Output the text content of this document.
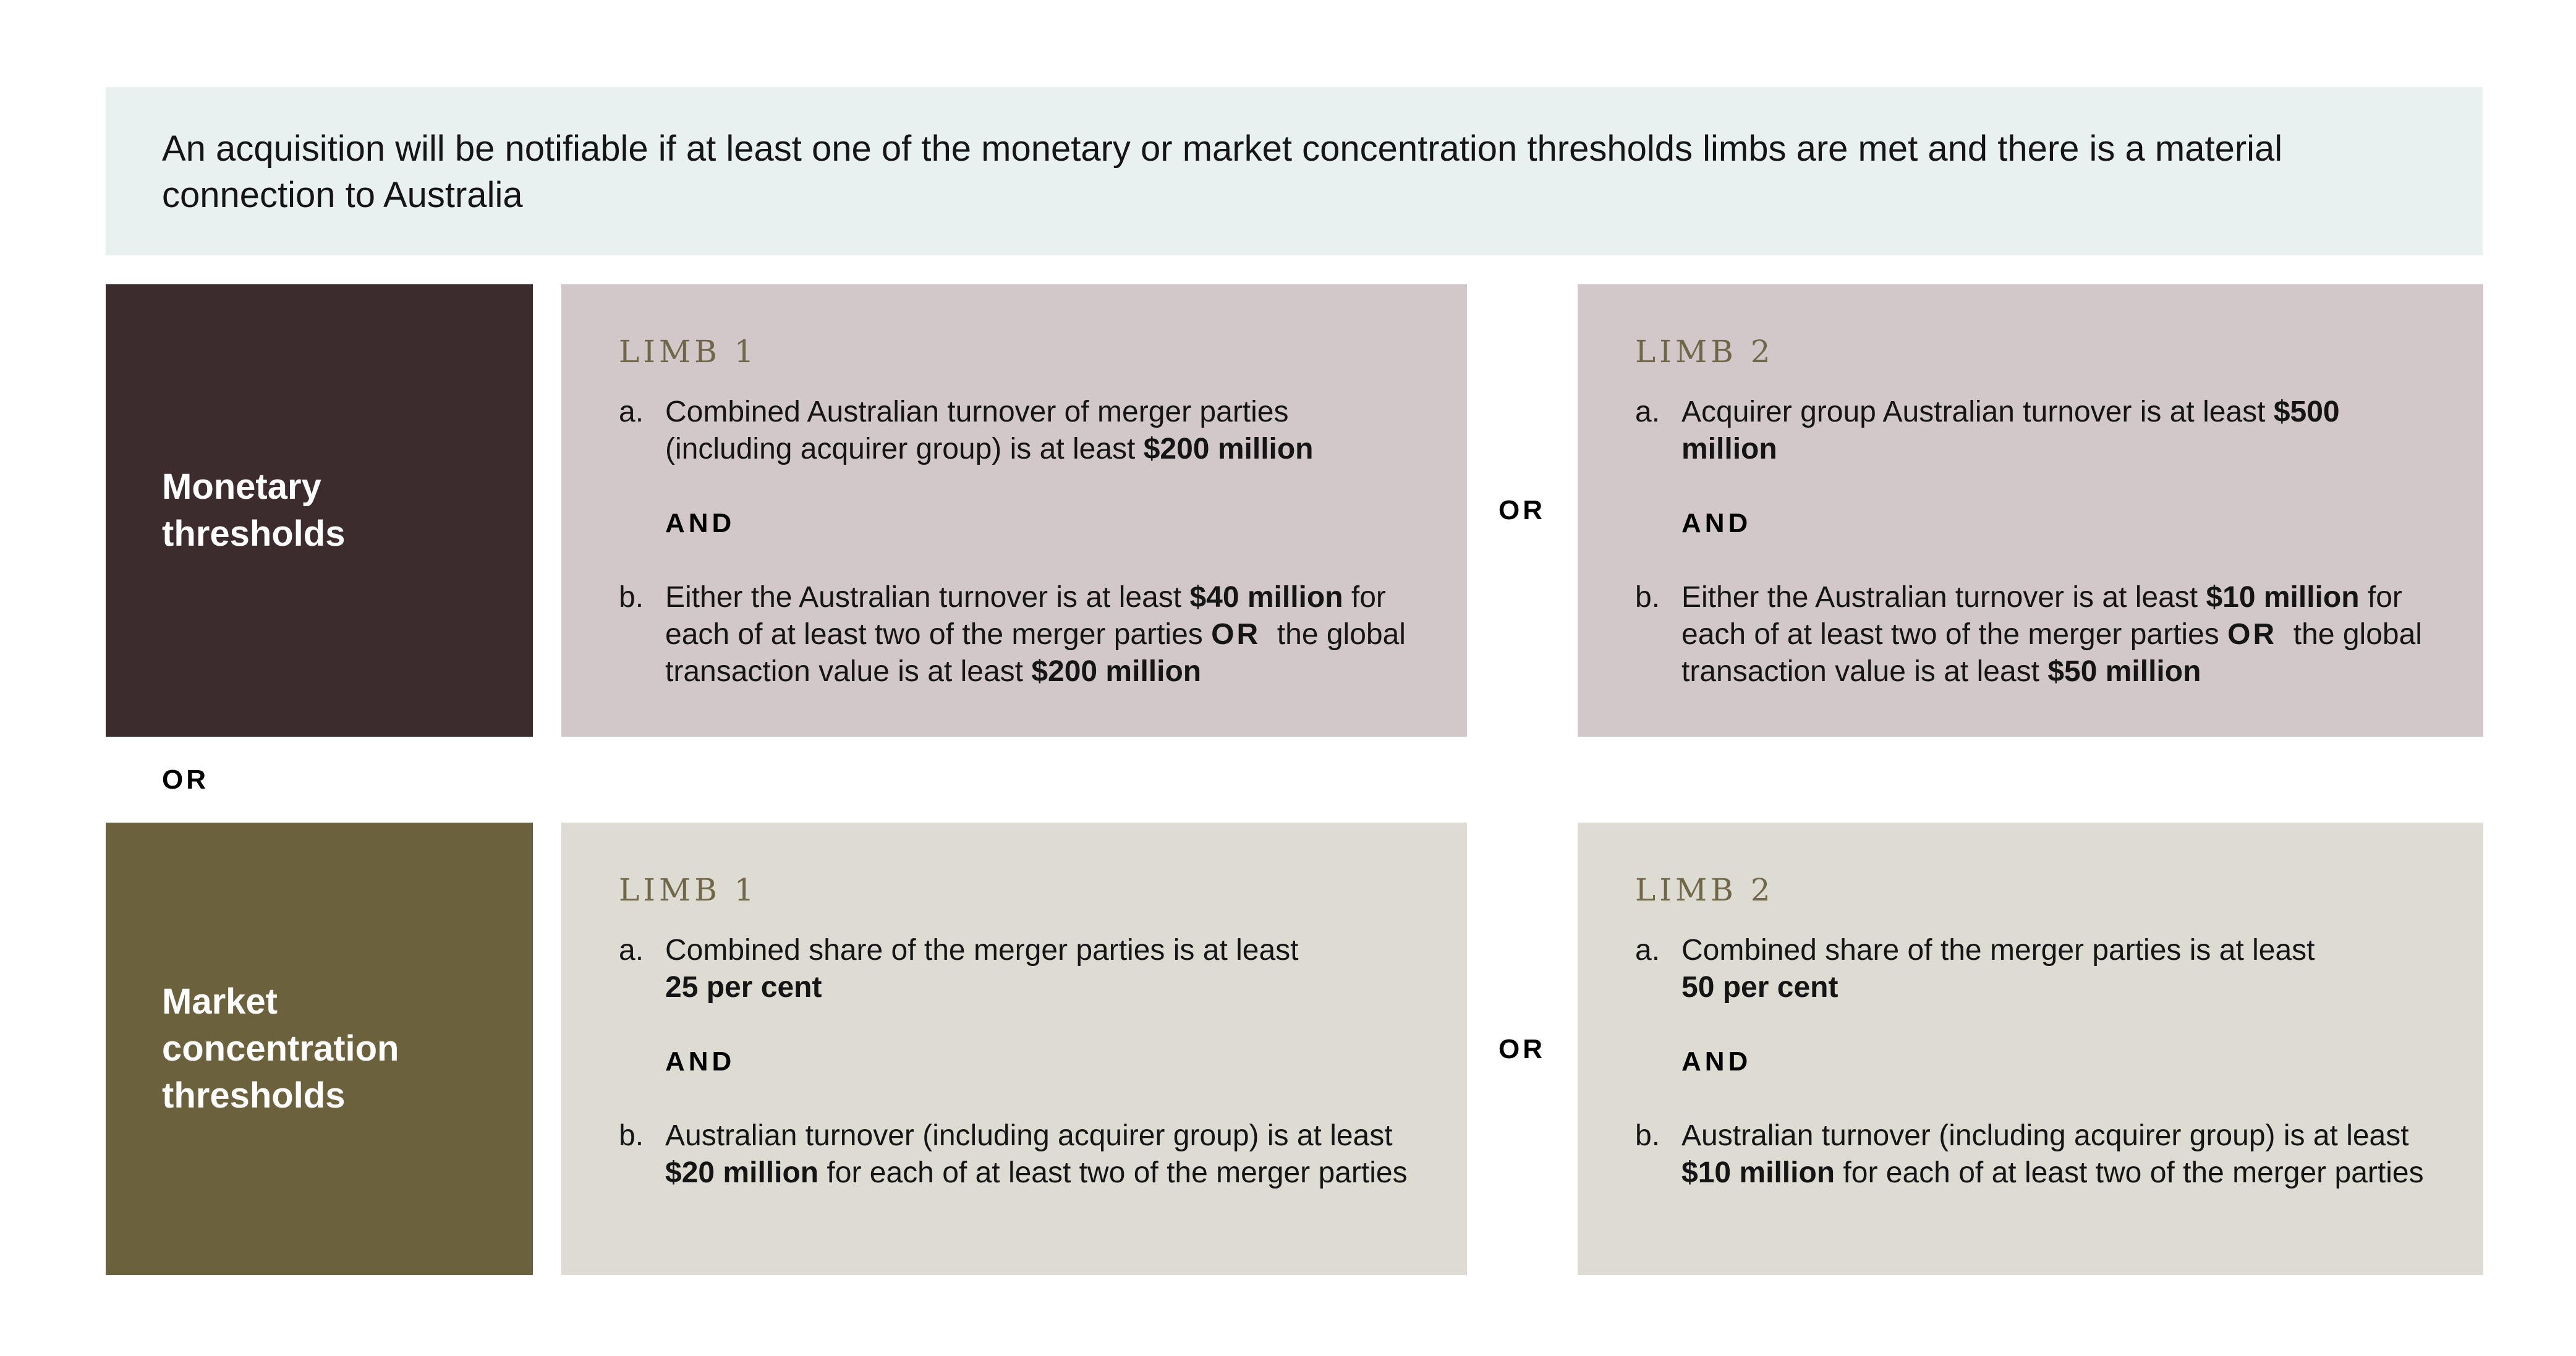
An acquisition will be notifiable if at least one of the monetary or market concentration thresholds limbs are met and there is a material connection to Australia
Monetary
thresholds
LIMB 1
a. Combined Australian turnover of merger parties (including acquirer group) is at least $200 million
AND
b. Either the Australian turnover is at least $40 million for each of at least two of the merger parties OR  the global transaction value is at least $200 million
OR
LIMB 2
a. Acquirer group Australian turnover is at least $500 million
AND
b. Either the Australian turnover is at least $10 million for each of at least two of the merger parties OR  the global transaction value is at least $50 million
OR
Market
concentration
thresholds
LIMB 1
a. Combined share of the merger parties is at least
25 per cent
AND
b. Australian turnover (including acquirer group) is at least $20 million for each of at least two of the merger parties
OR
LIMB 2
a. Combined share of the merger parties is at least
50 per cent
AND
b. Australian turnover (including acquirer group) is at least $10 million for each of at least two of the merger parties
